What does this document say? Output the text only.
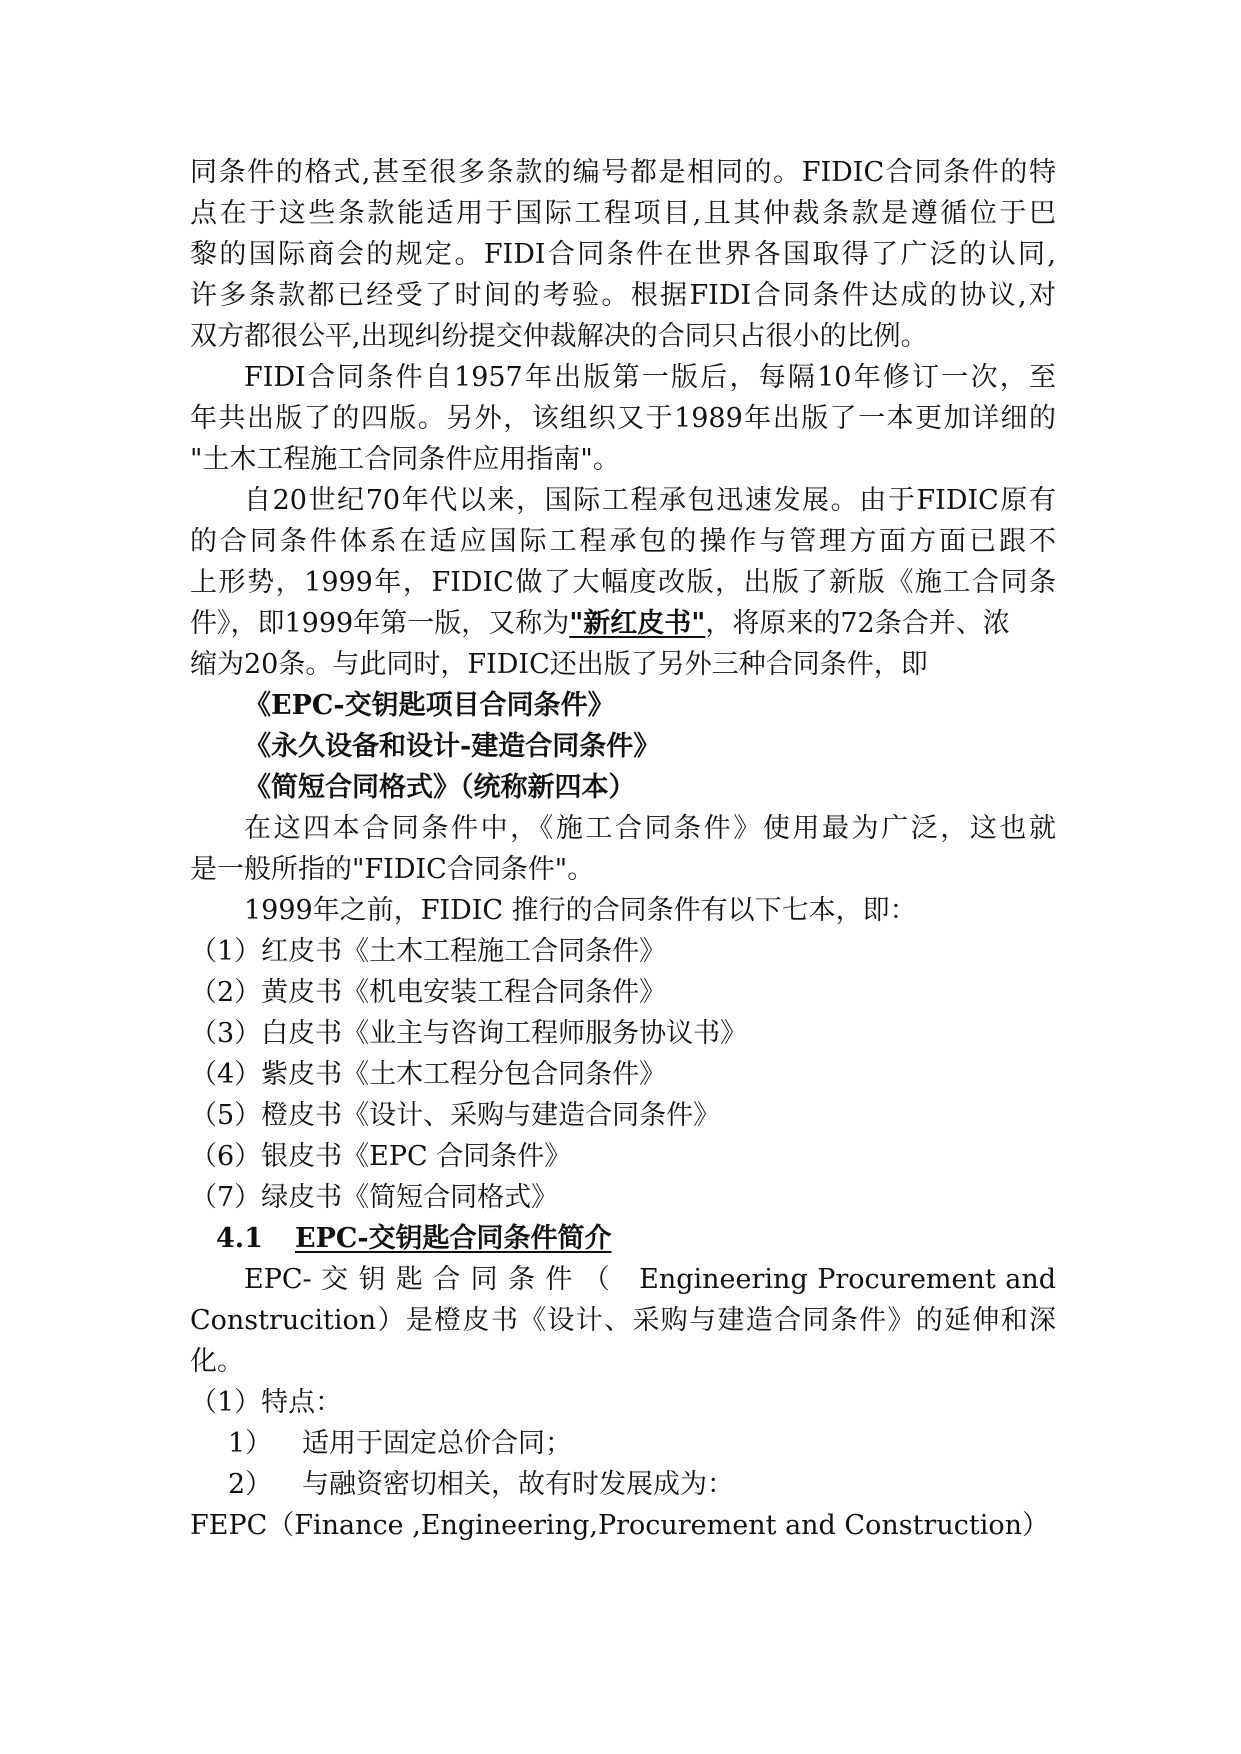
同条件的格式,甚至很多条款的编号都是相同的。FIDIC合同条件的特
点在于这些条款能适用于国际工程项目,且其仲裁条款是遵循位于巴
黎的国际商会的规定。FIDI合同条件在世界各国取得了广泛的认同,
许多条款都已经受了时间的考验。根据FIDI合同条件达成的协议,对
双方都很公平,出现纠纷提交仲裁解决的合同只占很小的比例。
FIDI合同条件自1957年出版第一版后，每隔10年修订一次，至
年共出版了的四版。另外，该组织又于1989年出版了一本更加详细的
"土木工程施工合同条件应用指南"。
自20世纪70年代以来，国际工程承包迅速发展。由于FIDIC原有
的合同条件体系在适应国际工程承包的操作与管理方面方面已跟不
上形势，1999年，FIDIC做了大幅度改版，出版了新版《施工合同条
件》，即1999年第一版，又称为"新红皮书"，将原来的72条合并、浓
缩为20条。与此同时，FIDIC还出版了另外三种合同条件，即
《EPC-交钥匙项目合同条件》
《永久设备和设计-建造合同条件》
《简短合同格式》（统称新四本）
在这四本合同条件中，《施工合同条件》使用最为广泛，这也就
是一般所指的"FIDIC合同条件"。
1999年之前，FIDIC 推行的合同条件有以下七本，即：
（1）红皮书《土木工程施工合同条件》
（2）黄皮书《机电安装工程合同条件》
（3）白皮书《业主与咨询工程师服务协议书》
（4）紫皮书《土木工程分包合同条件》
（5）橙皮书《设计、采购与建造合同条件》
（6）银皮书《EPC 合同条件》
（7）绿皮书《简短合同格式》
4.1 EPC-交钥匙合同条件简介
EPC- 交 钥 匙 合 同 条 件 （   Engineering Procurement and
Construcition）是橙皮书《设计、采购与建造合同条件》的延伸和深
化。
（1）特点：
1） 适用于固定总价合同；
2） 与融资密切相关，故有时发展成为：
FEPC（Finance ,Engineering,Procurement and Construction）
